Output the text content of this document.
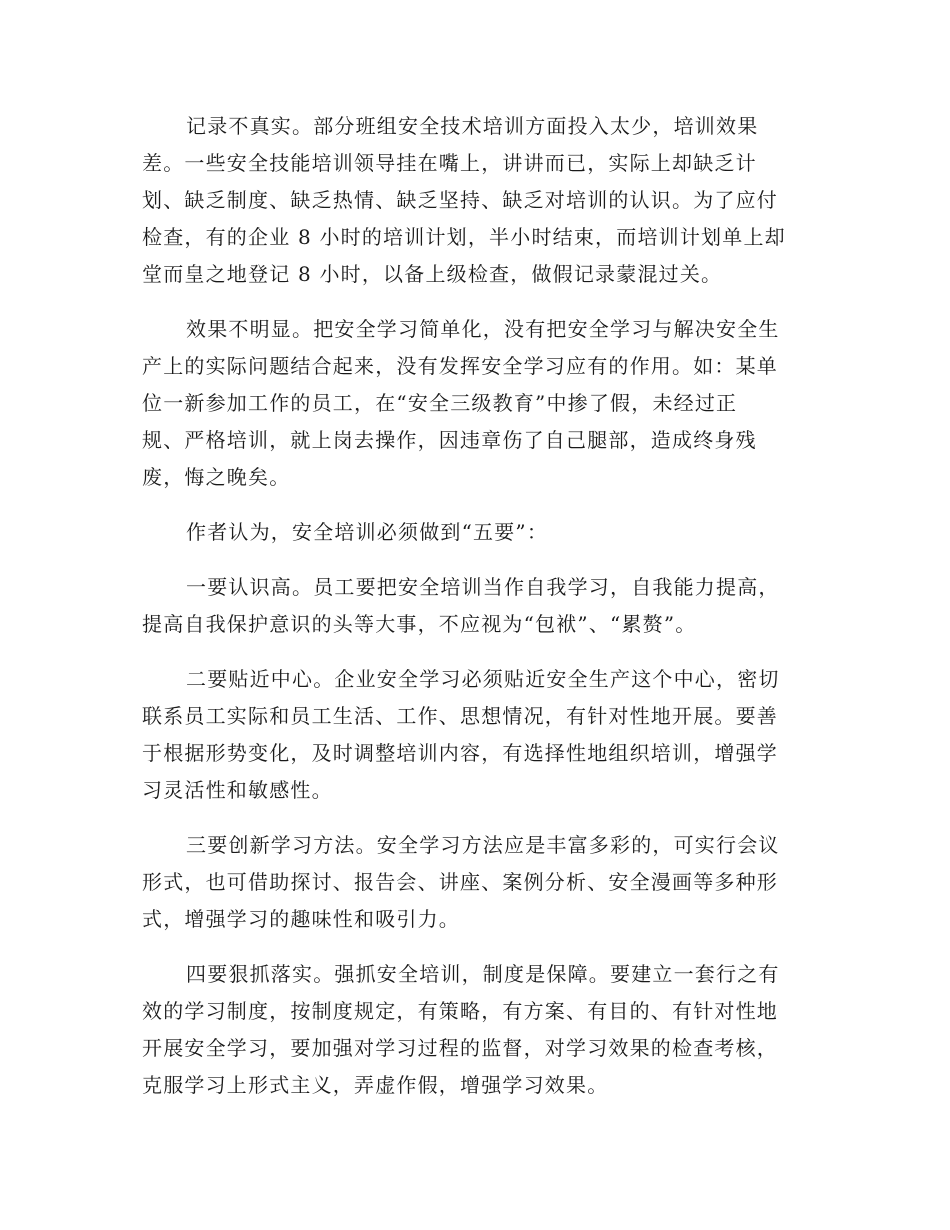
记录不真实。部分班组安全技术培训方面投入太少，培训效果
差。一些安全技能培训领导挂在嘴上，讲讲而已，实际上却缺乏计
划、缺乏制度、缺乏热情、缺乏坚持、缺乏对培训的认识。为了应付
检查，有的企业 8 小时的培训计划，半小时结束，而培训计划单上却
堂而皇之地登记 8 小时，以备上级检查，做假记录蒙混过关。
效果不明显。把安全学习简单化，没有把安全学习与解决安全生
产上的实际问题结合起来，没有发挥安全学习应有的作用。如：某单
位一新参加工作的员工，在“安全三级教育”中掺了假，未经过正
规、严格培训，就上岗去操作，因违章伤了自己腿部，造成终身残
废，悔之晚矣。
作者认为，安全培训必须做到“五要”：
一要认识高。员工要把安全培训当作自我学习，自我能力提高，
提高自我保护意识的头等大事，不应视为“包袱”、“累赘”。
二要贴近中心。企业安全学习必须贴近安全生产这个中心，密切
联系员工实际和员工生活、工作、思想情况，有针对性地开展。要善
于根据形势变化，及时调整培训内容，有选择性地组织培训，增强学
习灵活性和敏感性。
三要创新学习方法。安全学习方法应是丰富多彩的，可实行会议
形式，也可借助探讨、报告会、讲座、案例分析、安全漫画等多种形
式，增强学习的趣味性和吸引力。
四要狠抓落实。强抓安全培训，制度是保障。要建立一套行之有
效的学习制度，按制度规定，有策略，有方案、有目的、有针对性地
开展安全学习，要加强对学习过程的监督，对学习效果的检查考核，
克服学习上形式主义，弄虚作假，增强学习效果。
